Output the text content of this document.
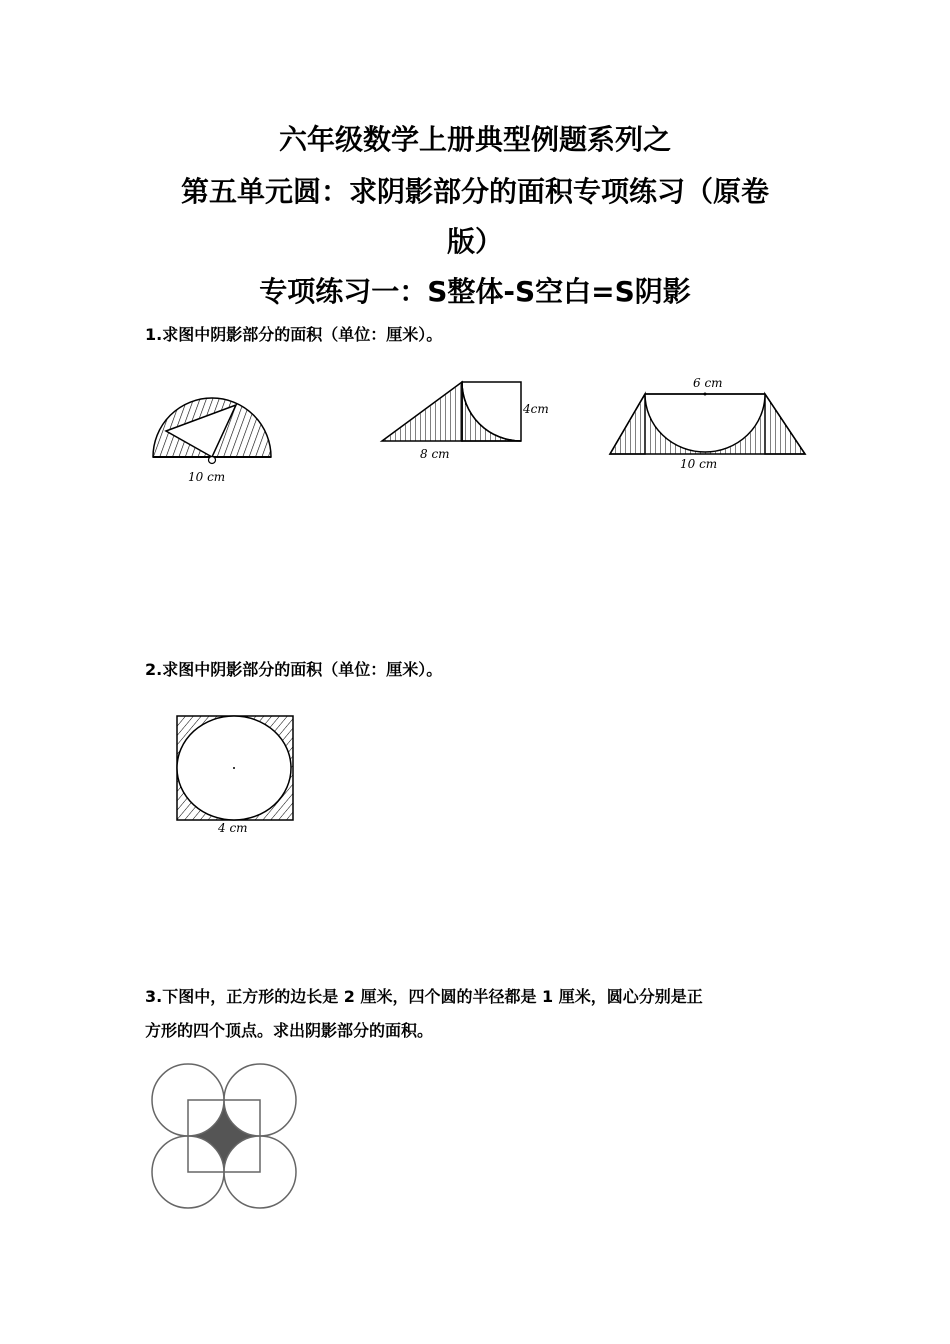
六年级数学上册典型例题系列之
第五单元圆：求阴影部分的面积专项练习（原卷
版）
专项练习一：S整体-S空白=S阴影
1.求图中阴影部分的面积（单位：厘米）。
10 cm
4cm
8 cm
6 cm
10 cm
2.求图中阴影部分的面积（单位：厘米）。
4 cm
3.下图中，正方形的边长是 2 厘米，四个圆的半径都是 1 厘米，圆心分别是正
方形的四个顶点。求出阴影部分的面积。
